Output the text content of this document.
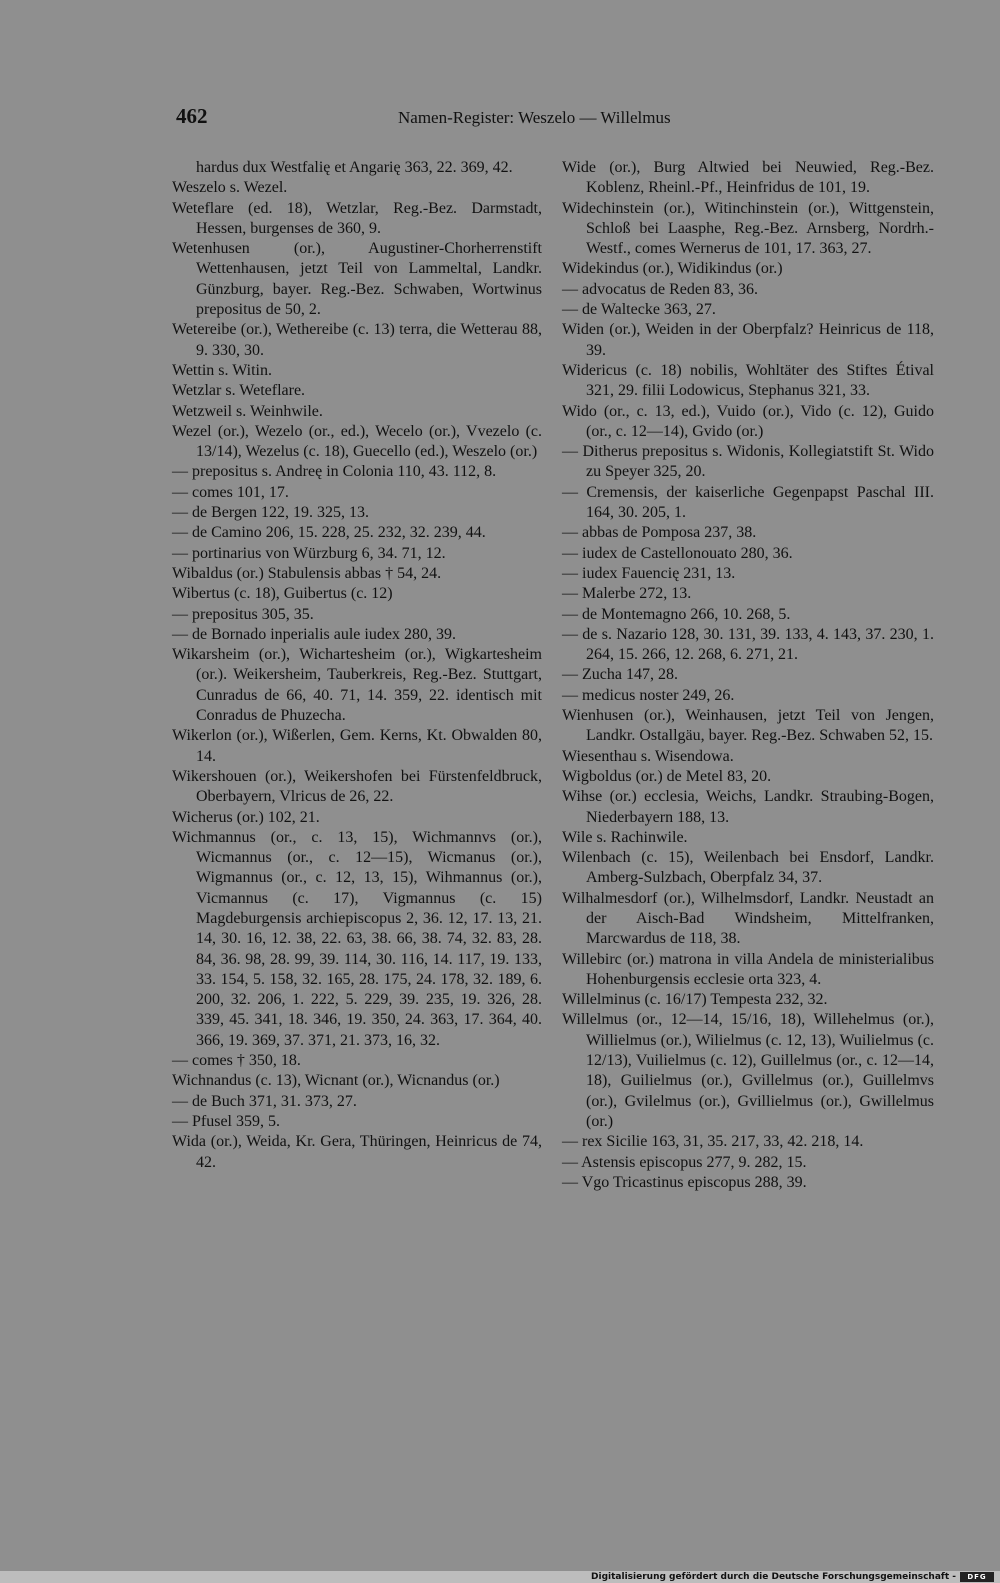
462	Namen-Register: Weszelo — Willelmus

hardus dux Westfalię et Angarię 363, 22. 369, 42.

Weszelo s. Wezel.

Weteflare (ed. 18), Wetzlar, Reg.-Bez. Darmstadt, Hessen, burgenses de 360, 9.

Wetenhusen (or.), Augustiner-Chorherrenstift Wettenhausen, jetzt Teil von Lammeltal, Landkr. Günzburg, bayer. Reg.-Bez. Schwaben, Wortwinus prepositus de 50, 2.

Wetereibe (or.), Wethereibe (c. 13) terra, die Wetterau 88, 9. 330, 30.

Wettin s. Witin.

Wetzlar s. Weteflare.

Wetzweil s. Weinhwile.

Wezel (or.), Wezelo (or., ed.), Wecelo (or.), Vvezelo (c. 13/14), Wezelus (c. 18), Guecello (ed.), Weszelo (or.)

— prepositus s. Andreę in Colonia 110, 43. 112, 8.

— comes 101, 17.

— de Bergen 122, 19. 325, 13.

— de Camino 206, 15. 228, 25. 232, 32. 239, 44.

— portinarius von Würzburg 6, 34. 71, 12.

Wibaldus (or.) Stabulensis abbas † 54, 24.

Wibertus (c. 18), Guibertus (c. 12)

— prepositus 305, 35.

— de Bornado inperialis aule iudex 280, 39.

Wikarsheim (or.), Wichartesheim (or.), Wigkartesheim (or.). Weikersheim, Tauberkreis, Reg.-Bez. Stuttgart, Cunradus de 66, 40. 71, 14. 359, 22. identisch mit Conradus de Phuzecha.

Wikerlon (or.), Wißerlen, Gem. Kerns, Kt. Obwalden 80, 14.

Wikershouen (or.), Weikershofen bei Fürstenfeldbruck, Oberbayern, Vlricus de 26, 22.

Wicherus (or.) 102, 21.

Wichmannus (or., c. 13, 15), Wichmannvs (or.), Wicmannus (or., c. 12—15), Wicmanus (or.), Wigmannus (or., c. 12, 13, 15), Wihmannus (or.), Vicmannus (c. 17), Vigmannus (c. 15) Magdeburgensis archiepiscopus 2, 36. 12, 17. 13, 21. 14, 30. 16, 12. 38, 22. 63, 38. 66, 38. 74, 32. 83, 28. 84, 36. 98, 28. 99, 39. 114, 30. 116, 14. 117, 19. 133, 33. 154, 5. 158, 32. 165, 28. 175, 24. 178, 32. 189, 6. 200, 32. 206, 1. 222, 5. 229, 39. 235, 19. 326, 28. 339, 45. 341, 18. 346, 19. 350, 24. 363, 17. 364, 40. 366, 19. 369, 37. 371, 21. 373, 16, 32.

— comes † 350, 18.

Wichnandus (c. 13), Wicnant (or.), Wicnandus (or.)

— de Buch 371, 31. 373, 27.

— Pfusel 359, 5.

Wida (or.), Weida, Kr. Gera, Thüringen, Heinricus de 74, 42.

Wide (or.), Burg Altwied bei Neuwied, Reg.-Bez. Koblenz, Rheinl.-Pf., Heinfridus de 101, 19.

Widechinstein (or.), Witinchinstein (or.), Wittgenstein, Schloß bei Laasphe, Reg.-Bez. Arnsberg, Nordrh.-Westf., comes Wernerus de 101, 17. 363, 27.

Widekindus (or.), Widikindus (or.)

— advocatus de Reden 83, 36.

— de Waltecke 363, 27.

Widen (or.), Weiden in der Oberpfalz? Heinricus de 118, 39.

Widericus (c. 18) nobilis, Wohltäter des Stiftes Étival 321, 29. filii Lodowicus, Stephanus 321, 33.

Wido (or., c. 13, ed.), Vuido (or.), Vido (c. 12), Guido (or., c. 12—14), Gvido (or.)

— Ditherus prepositus s. Widonis, Kollegiatstift St. Wido zu Speyer 325, 20.

— Cremensis, der kaiserliche Gegenpapst Paschal III. 164, 30. 205, 1.

— abbas de Pomposa 237, 38.

— iudex de Castellonouato 280, 36.

— iudex Fauencię 231, 13.

— Malerbe 272, 13.

— de Montemagno 266, 10. 268, 5.

— de s. Nazario 128, 30. 131, 39. 133, 4. 143, 37. 230, 1. 264, 15. 266, 12. 268, 6. 271, 21.

— Zucha 147, 28.

— medicus noster 249, 26.

Wienhusen (or.), Weinhausen, jetzt Teil von Jengen, Landkr. Ostallgäu, bayer. Reg.-Bez. Schwaben 52, 15.

Wiesenthau s. Wisendowa.

Wigboldus (or.) de Metel 83, 20.

Wihse (or.) ecclesia, Weichs, Landkr. Straubing-Bogen, Niederbayern 188, 13.

Wile s. Rachinwile.

Wilenbach (c. 15), Weilenbach bei Ensdorf, Landkr. Amberg-Sulzbach, Oberpfalz 34, 37.

Wilhalmesdorf (or.), Wilhelmsdorf, Landkr. Neustadt an der Aisch-Bad Windsheim, Mittelfranken, Marcwardus de 118, 38.

Willebirc (or.) matrona in villa Andela de ministerialibus Hohenburgensis ecclesie orta 323, 4.

Willelminus (c. 16/17) Tempesta 232, 32.

Willelmus (or., 12—14, 15/16, 18), Willehelmus (or.), Willielmus (or.), Wilielmus (c. 12, 13), Wuilielmus (c. 12/13), Vuilielmus (c. 12), Guillelmus (or., c. 12—14, 18), Guilielmus (or.), Gvillelmus (or.), Guillelmvs (or.), Gvilelmus (or.), Gvillielmus (or.), Gwillelmus (or.)

— rex Sicilie 163, 31, 35. 217, 33, 42. 218, 14.

— Astensis episcopus 277, 9. 282, 15.

— Vgo Tricastinus episcopus 288, 39.

Digitalisierung gefördert durch die Deutsche Forschungsgemeinschaft -	DFG
